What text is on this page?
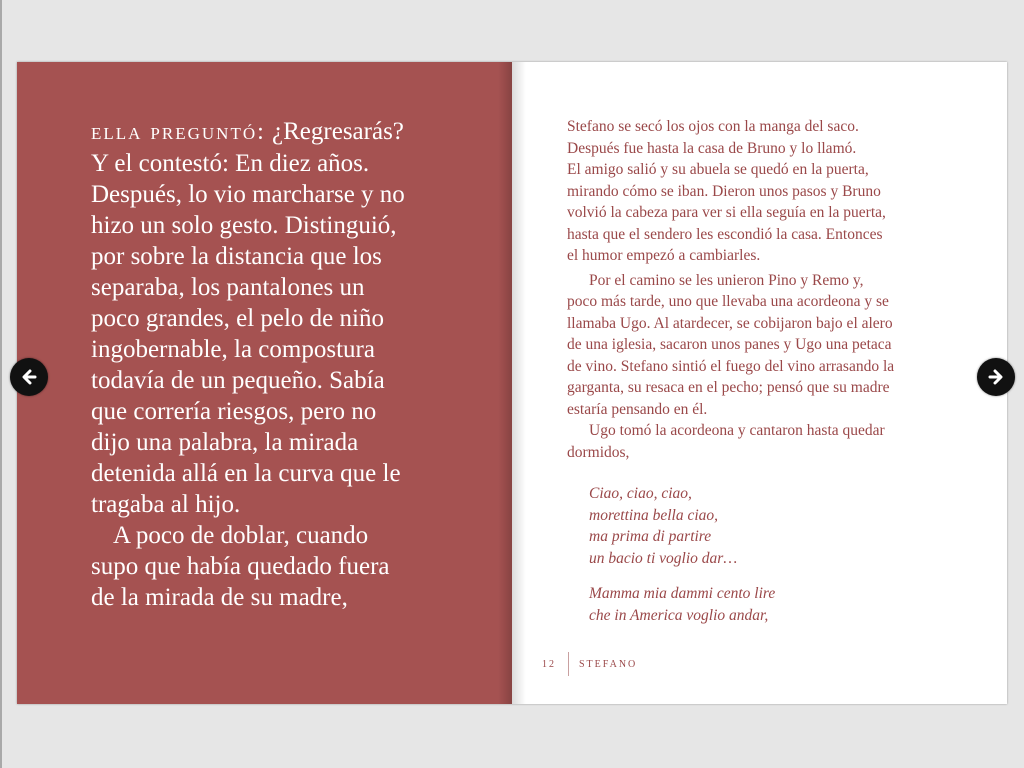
ella preguntó: ¿Regresarás?
Y el contestó: En diez años.
Después, lo vio marcharse y no
hizo un solo gesto. Distinguió,
por sobre la distancia que los
separaba, los pantalones un
poco grandes, el pelo de niño
ingobernable, la compostura
todavía de un pequeño. Sabía
que correría riesgos, pero no
dijo una palabra, la mirada
detenida allá en la curva que le
tragaba al hijo.
A poco de doblar, cuando
supo que había quedado fuera
de la mirada de su madre,
Stefano se secó los ojos con la manga del saco.
Después fue hasta la casa de Bruno y lo llamó.
El amigo salió y su abuela se quedó en la puerta,
mirando cómo se iban. Dieron unos pasos y Bruno
volvió la cabeza para ver si ella seguía en la puerta,
hasta que el sendero les escondió la casa. Entonces
el humor empezó a cambiarles.
Por el camino se les unieron Pino y Remo y,
poco más tarde, uno que llevaba una acordeona y se
llamaba Ugo. Al atardecer, se cobijaron bajo el alero
de una iglesia, sacaron unos panes y Ugo una petaca
de vino. Stefano sintió el fuego del vino arrasando la
garganta, su resaca en el pecho; pensó que su madre
estaría pensando en él.
Ugo tomó la acordeona y cantaron hasta quedar
dormidos,
Ciao, ciao, ciao,
morettina bella ciao,
ma prima di partire
un bacio ti voglio dar…
Mamma mia dammi cento lire
che in America voglio andar,
12 STEFANO
